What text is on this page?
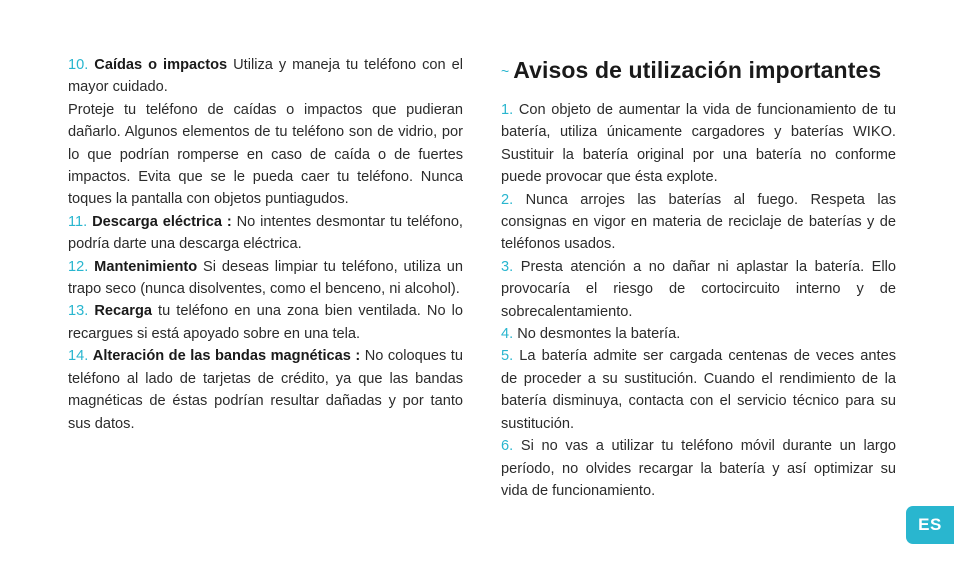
10. Caídas o impactos Utiliza y maneja tu teléfono con el mayor cuidado.

Proteje tu teléfono de caídas o impactos que pudieran dañarlo. Algunos elementos de tu teléfono son de vidrio, por lo que podrían romperse en caso de caída o de fuertes impactos. Evita que se le pueda caer tu teléfono. Nunca toques la pantalla con objetos puntiagudos.

11. Descarga eléctrica : No intentes desmontar tu teléfono, podría darte una descarga eléctrica.

12. Mantenimiento Si deseas limpiar tu teléfono, utiliza un trapo seco (nunca disolventes, como el benceno, ni alcohol).

13. Recarga tu teléfono en una zona bien ventilada. No lo recargues si está apoyado sobre en una tela.

14. Alteración de las bandas magnéticas : No coloques tu teléfono al lado de tarjetas de crédito, ya que las bandas magnéticas de éstas podrían resultar dañadas y por tanto sus datos.

~ Avisos de utilización importantes

1. Con objeto de aumentar la vida de funcionamiento de tu batería, utiliza únicamente cargadores y baterías WIKO. Sustituir la batería original por una batería no conforme puede provocar que ésta explote.

2. Nunca arrojes las baterías al fuego. Respeta las consignas en vigor en materia de reciclaje de baterías y de teléfonos usados.

3. Presta atención a no dañar ni aplastar la batería. Ello provocaría el riesgo de cortocircuito interno y de sobrecalentamiento.

4. No desmontes la batería.

5. La batería admite ser cargada centenas de veces antes de proceder a su sustitución. Cuando el rendimiento de la batería disminuya, contacta con el servicio técnico para su sustitución.

6. Si no vas a utilizar tu teléfono móvil durante un largo período, no olvides recargar la batería y así optimizar su vida de funcionamiento.

ES
